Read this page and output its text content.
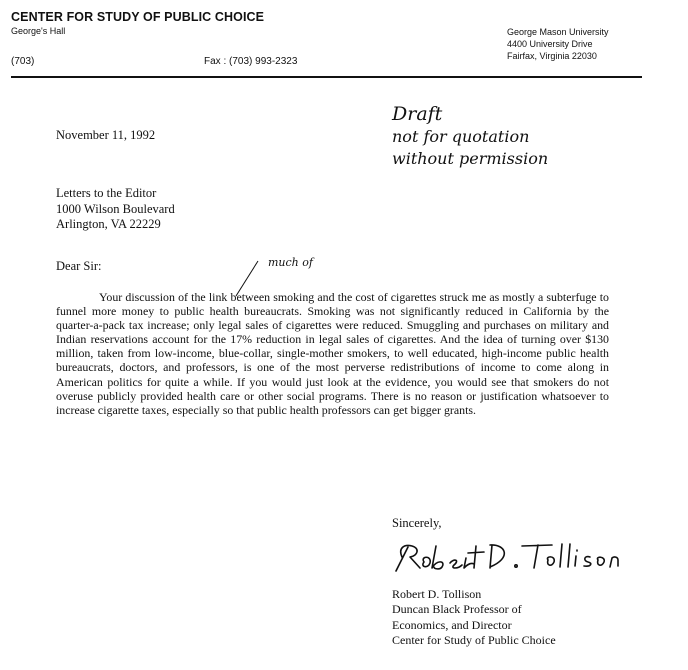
CENTER FOR STUDY OF PUBLIC CHOICE
George's Hall
(703)	Fax : (703) 993-2323
George Mason University
4400 University Drive
Fairfax, Virginia 22030
Draft
not for quotation
without permission
much of
November 11, 1992
Letters to the Editor
1000 Wilson Boulevard
Arlington, VA 22229
Dear Sir:

Your discussion of the link between smoking and the cost of cigarettes struck me as mostly a subterfuge to funnel more money to public health bureaucrats. Smoking was not significantly reduced in California by the quarter-a-pack tax increase; only legal sales of cigarettes were reduced. Smuggling and purchases on military and Indian reservations account for the 17% reduction in legal sales of cigarettes. And the idea of turning over $130 million, taken from low-income, blue-collar, single-mother smokers, to well educated, high-income public health bureaucrats, doctors, and professors, is one of the most perverse redistributions of income to come along in American politics for quite a while. If you would just look at the evidence, you would see that smokers do not overuse publicly provided health care or other social programs. There is no reason or justification whatsoever to increase cigarette taxes, especially so that public health professors can get bigger grants.

Sincerely,
Robert D. Tollison
Duncan Black Professor of
Economics, and Director
Center for Study of Public Choice
